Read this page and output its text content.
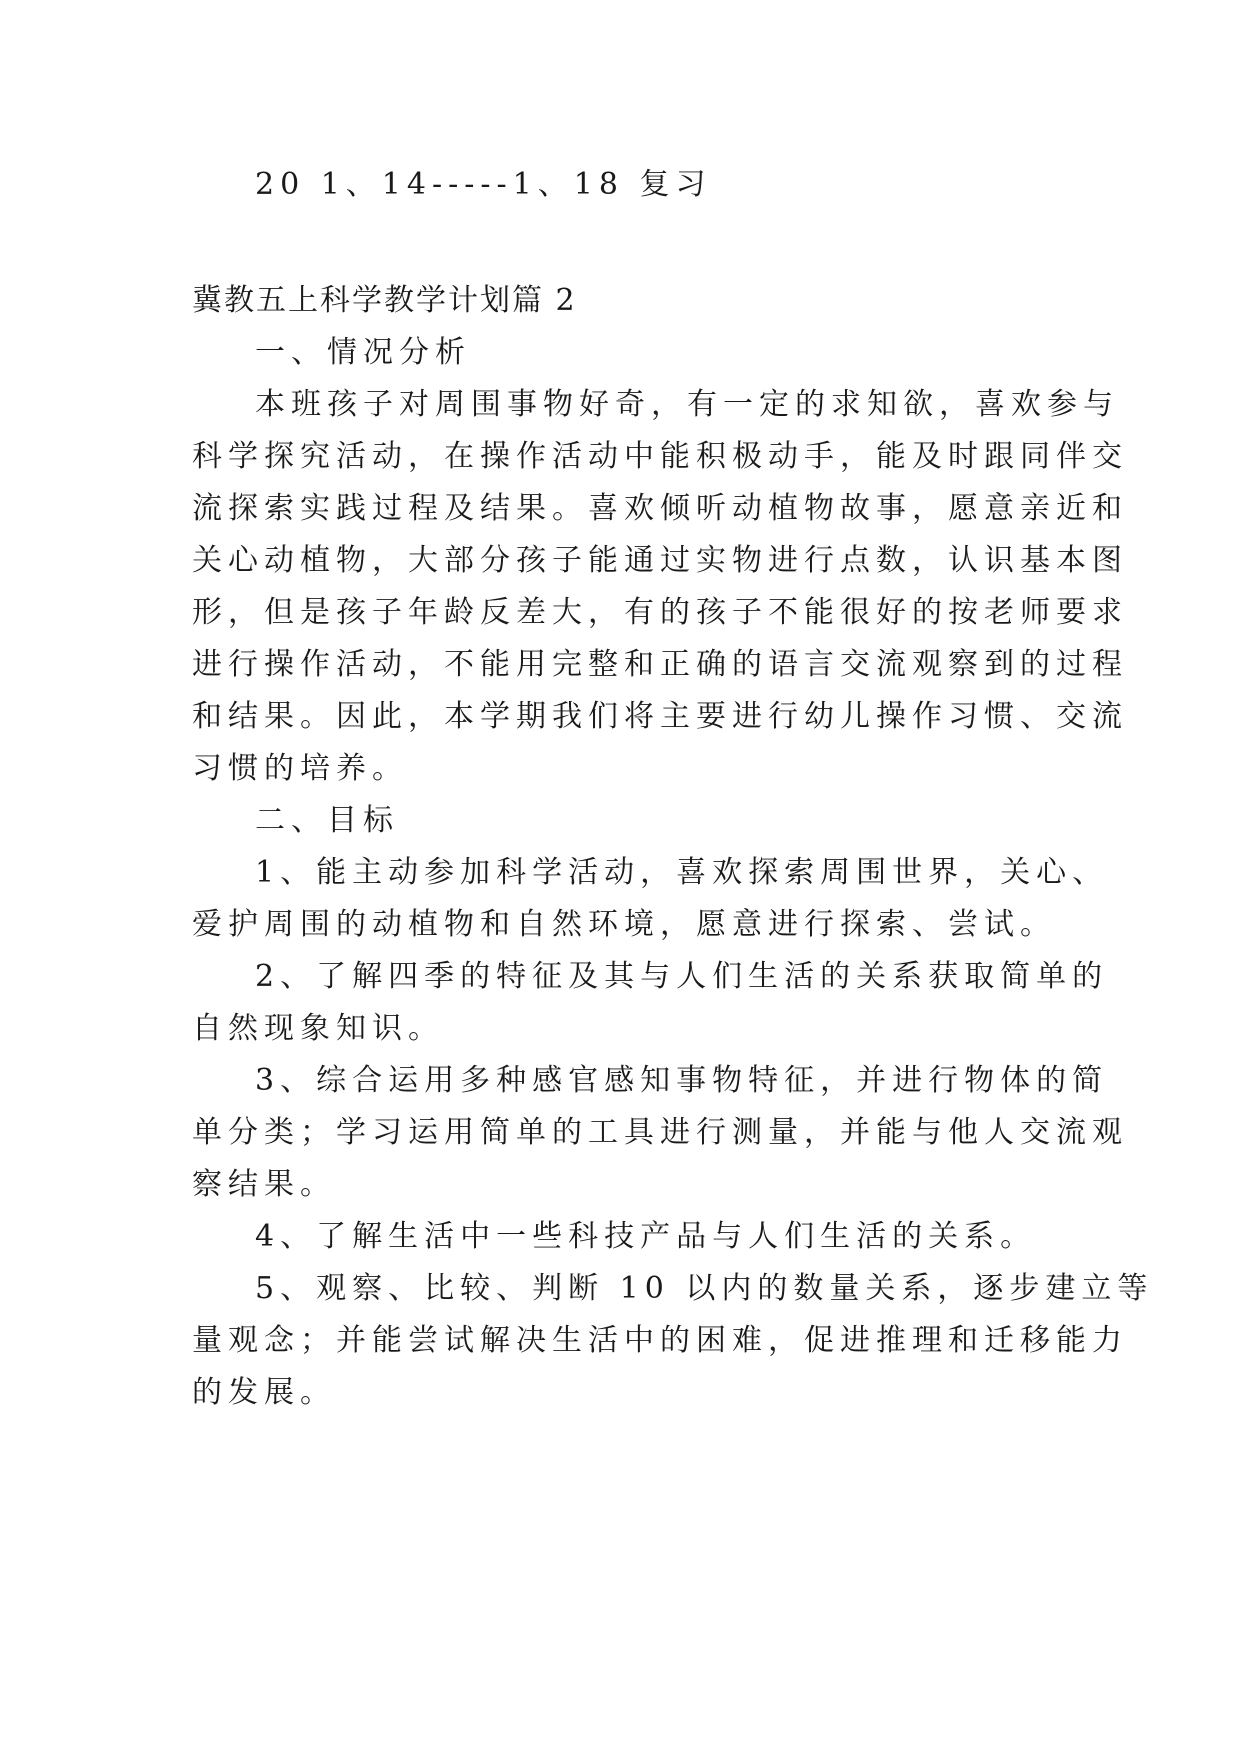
20 1、14-----1、18 复习
冀教五上科学教学计划篇 2
一、情况分析
本班孩子对周围事物好奇，有一定的求知欲，喜欢参与
科学探究活动，在操作活动中能积极动手，能及时跟同伴交
流探索实践过程及结果。喜欢倾听动植物故事，愿意亲近和
关心动植物，大部分孩子能通过实物进行点数，认识基本图
形，但是孩子年龄反差大，有的孩子不能很好的按老师要求
进行操作活动，不能用完整和正确的语言交流观察到的过程
和结果。因此，本学期我们将主要进行幼儿操作习惯、交流
习惯的培养。
二、目标
1、能主动参加科学活动，喜欢探索周围世界，关心、
爱护周围的动植物和自然环境，愿意进行探索、尝试。
2、了解四季的特征及其与人们生活的关系获取简单的
自然现象知识。
3、综合运用多种感官感知事物特征，并进行物体的简
单分类；学习运用简单的工具进行测量，并能与他人交流观
察结果。
4、了解生活中一些科技产品与人们生活的关系。
5、观察、比较、判断 10 以内的数量关系，逐步建立等
量观念；并能尝试解决生活中的困难，促进推理和迁移能力
的发展。
